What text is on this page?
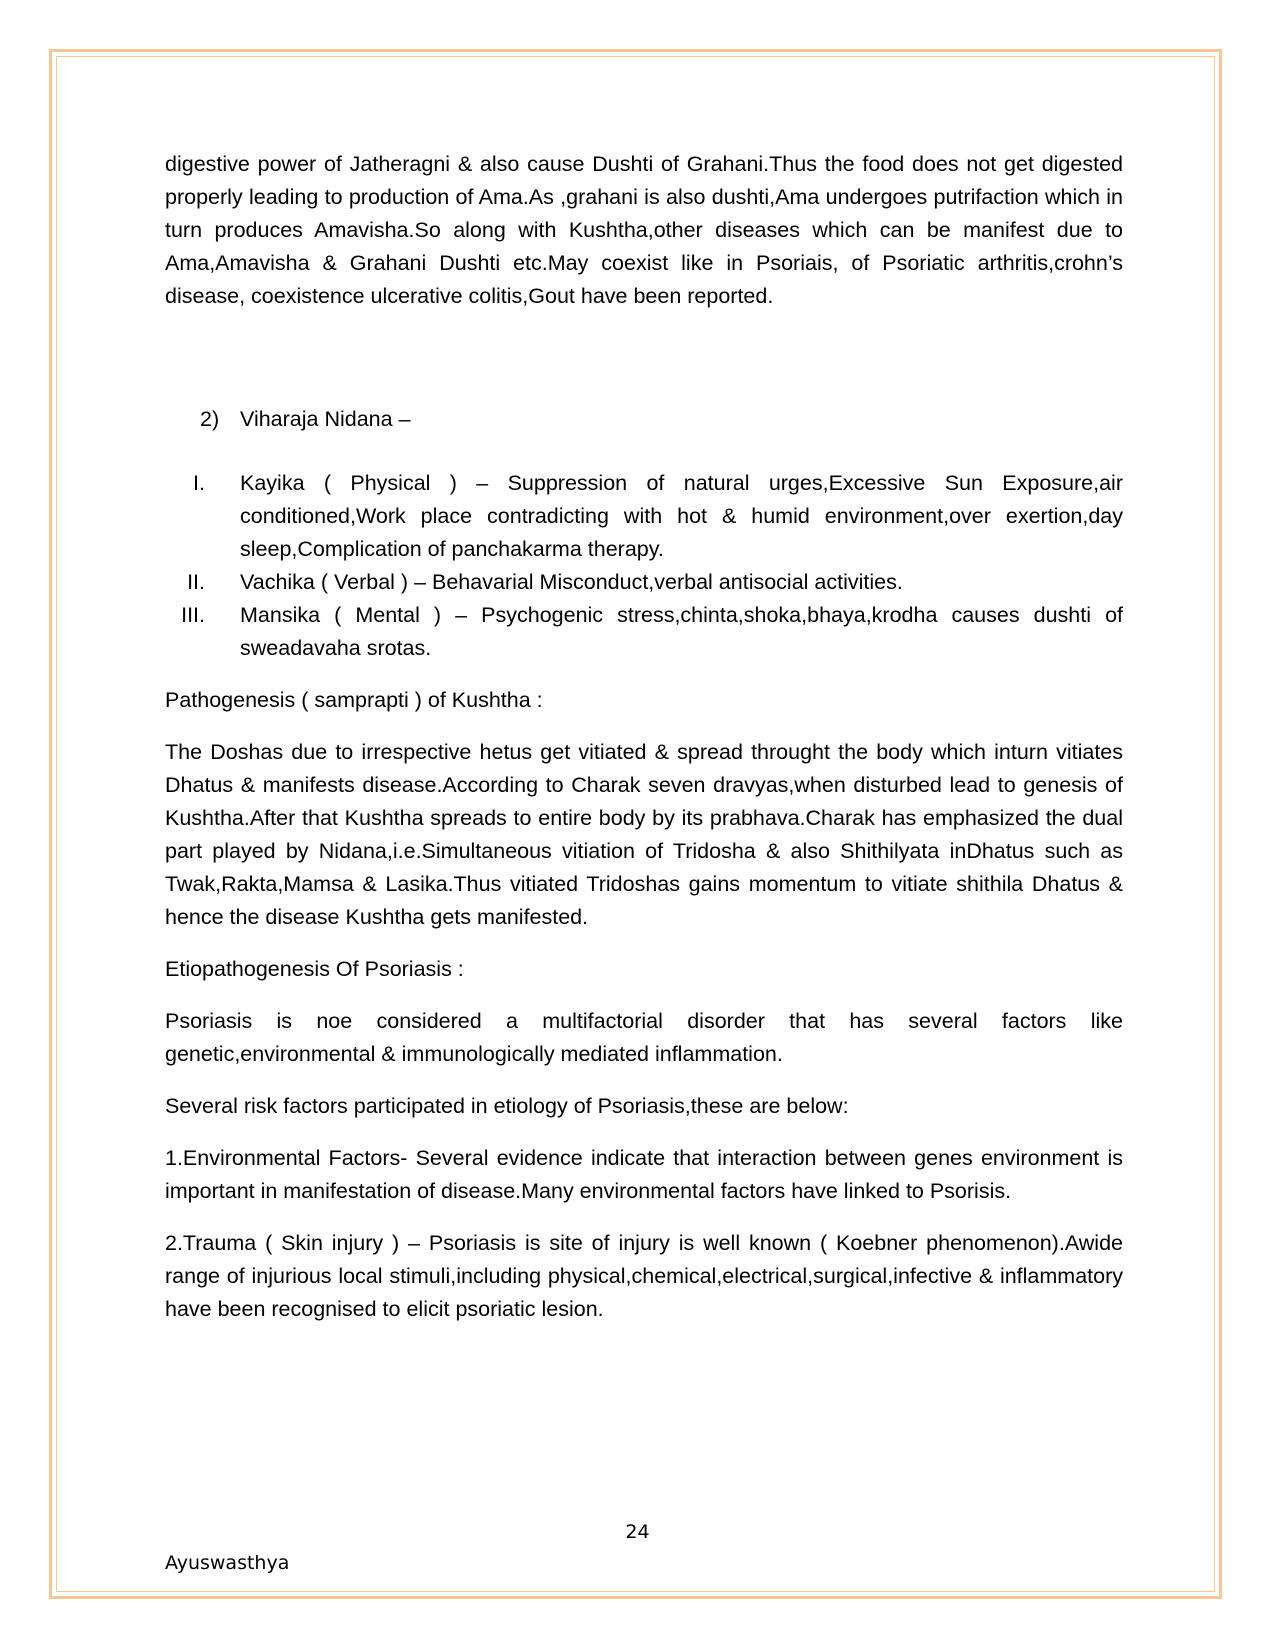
digestive power of Jatheragni & also cause Dushti of Grahani.Thus the food does not get digested properly leading to production of Ama.As ,grahani is also dushti,Ama undergoes putrifaction which in turn produces Amavisha.So along with Kushtha,other diseases which can be manifest due to Ama,Amavisha & Grahani Dushti etc.May coexist like in Psoriais, of Psoriatic arthritis,crohn’s disease, coexistence ulcerative colitis,Gout have been reported.

2) Viharaja Nidana –
I. Kayika ( Physical ) – Suppression of natural urges,Excessive Sun Exposure,air conditioned,Work place contradicting with hot & humid environment,over exertion,day sleep,Complication of panchakarma therapy.
II. Vachika ( Verbal ) – Behavarial Misconduct,verbal antisocial activities.
III. Mansika ( Mental ) – Psychogenic stress,chinta,shoka,bhaya,krodha causes dushti of sweadavaha srotas.

Pathogenesis ( samprapti ) of Kushtha :

The Doshas due to irrespective hetus get vitiated & spread throught the body which inturn vitiates Dhatus & manifests disease.According to Charak seven dravyas,when disturbed lead to genesis of Kushtha.After that Kushtha spreads to entire body by its prabhava.Charak has emphasized the dual part played by Nidana,i.e.Simultaneous vitiation of Tridosha & also Shithilyata inDhatus such as Twak,Rakta,Mamsa & Lasika.Thus vitiated Tridoshas gains momentum to vitiate shithila Dhatus & hence the disease Kushtha gets manifested.

Etiopathogenesis Of Psoriasis :

Psoriasis is noe considered a multifactorial disorder that has several factors like genetic,environmental & immunologically mediated inflammation.

Several risk factors participated in etiology of Psoriasis,these are below:

1.Environmental Factors- Several evidence indicate that interaction between genes environment is important in manifestation of disease.Many environmental factors have linked to Psorisis.

2.Trauma ( Skin injury ) – Psoriasis is site of injury is well known ( Koebner phenomenon).Awide range of injurious local stimuli,including physical,chemical,electrical,surgical,infective & inflammatory have been recognised to elicit psoriatic lesion.

24
Ayuswasthya
